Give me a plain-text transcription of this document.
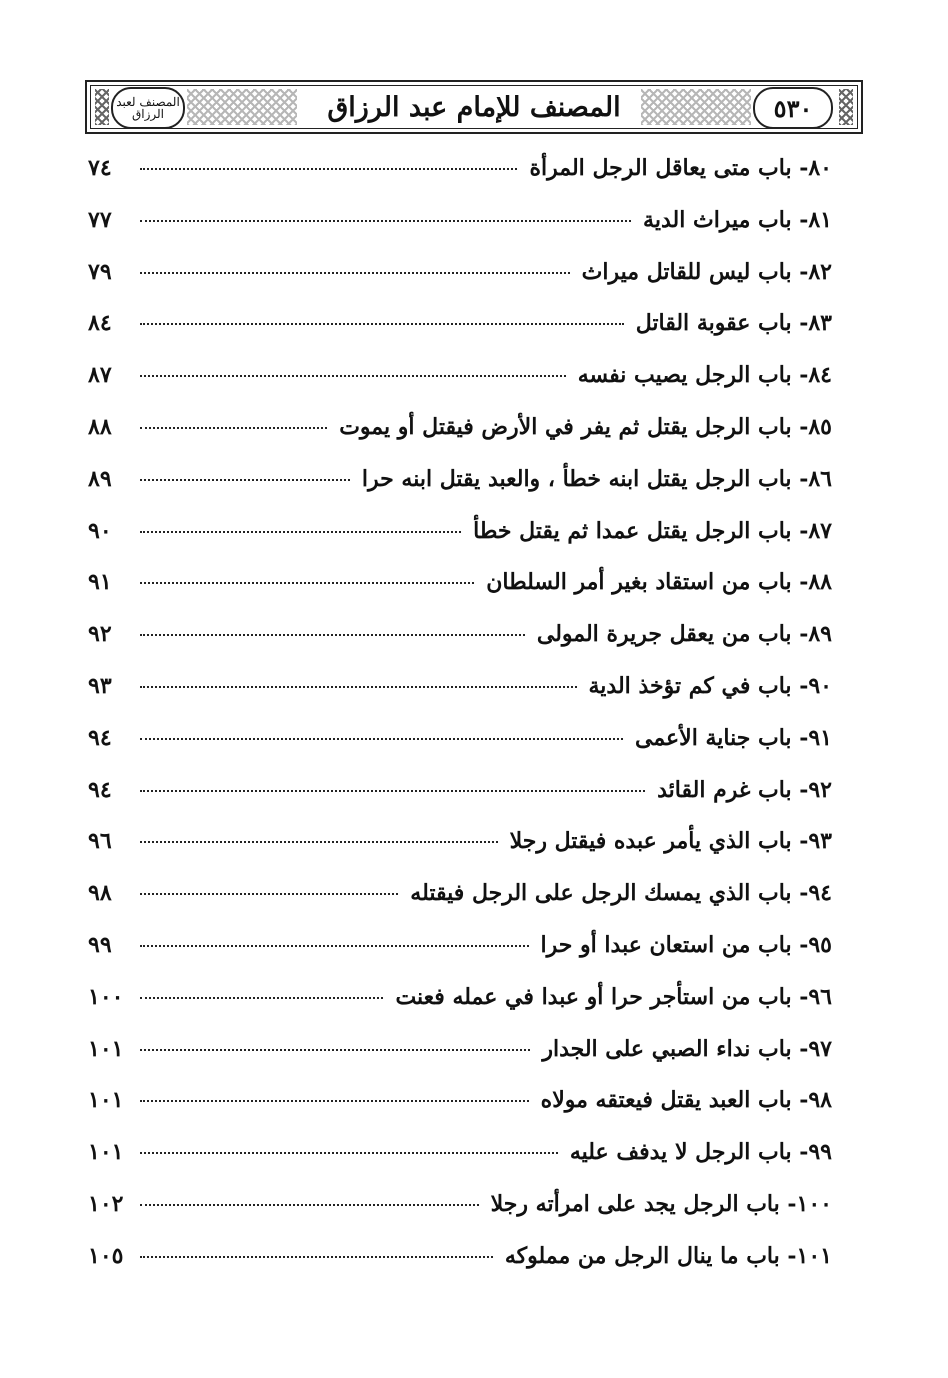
المصنف لعبد الرزاق	المصنف للإمام عبد الرزاق	٥٣٠
٨٠- باب متى يعاقل الرجل المرأة
٧٤
٨١- باب ميراث الدية
٧٧
٨٢- باب ليس للقاتل ميراث
٧٩
٨٣- باب عقوبة القاتل
٨٤
٨٤- باب الرجل يصيب نفسه
٨٧
٨٥- باب الرجل يقتل ثم يفر في الأرض فيقتل أو يموت
٨٨
٨٦- باب الرجل يقتل ابنه خطأ ، والعبد يقتل ابنه حرا
٨٩
٨٧- باب الرجل يقتل عمدا ثم يقتل خطأ
٩٠
٨٨- باب من استقاد بغير أمر السلطان
٩١
٨٩- باب من يعقل جريرة المولى
٩٢
٩٠- باب في كم تؤخذ الدية
٩٣
٩١- باب جناية الأعمى
٩٤
٩٢- باب غرم القائد
٩٤
٩٣- باب الذي يأمر عبده فيقتل رجلا
٩٦
٩٤- باب الذي يمسك الرجل على الرجل فيقتله
٩٨
٩٥- باب من استعان عبدا أو حرا
٩٩
٩٦- باب من استأجر حرا أو عبدا في عمله فعنت
١٠٠
٩٧- باب نداء الصبي على الجدار
١٠١
٩٨- باب العبد يقتل فيعتقه مولاه
١٠١
٩٩- باب الرجل لا يدفف عليه
١٠١
١٠٠- باب الرجل يجد على امرأته رجلا
١٠٢
١٠١- باب ما ينال الرجل من مملوكه
١٠٥
